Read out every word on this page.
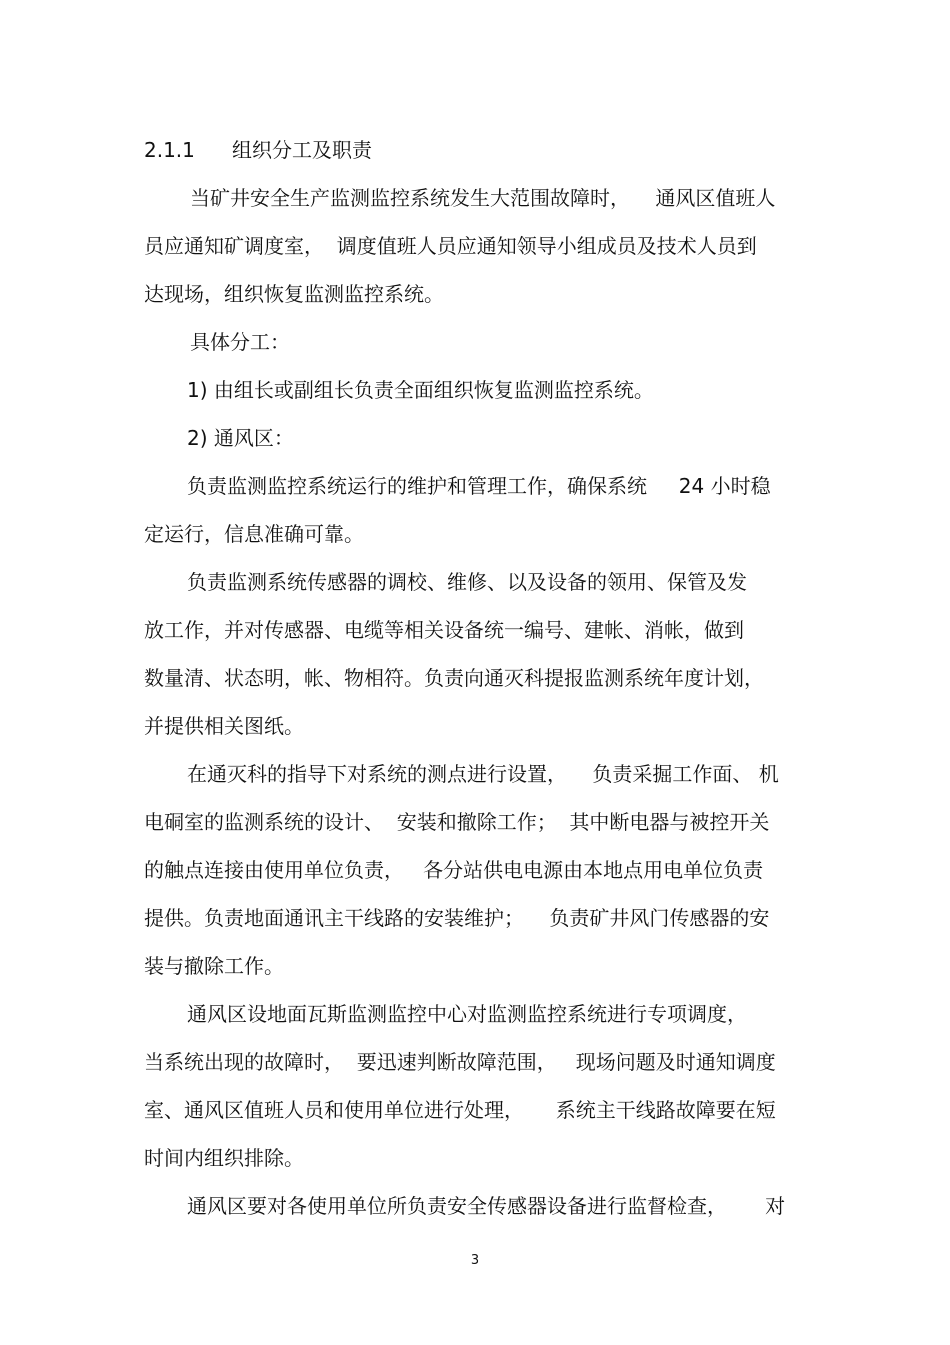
2.1.1 组织分工及职责

当矿井安全生产监测监控系统发生大范围故障时，    通风区值班人

员应通知矿调度室，  调度值班人员应通知领导小组成员及技术人员到

达现场，组织恢复监测监控系统。

具体分工：

1) 由组长或副组长负责全面组织恢复监测监控系统。

2) 通风区：

负责监测监控系统运行的维护和管理工作，确保系统     24 小时稳

定运行，信息准确可靠。

负责监测系统传感器的调校、维修、以及设备的领用、保管及发

放工作，并对传感器、电缆等相关设备统一编号、建帐、消帐，做到

数量清、状态明，帐、物相符。负责向通灭科提报监测系统年度计划，

并提供相关图纸。

在通灭科的指导下对系统的测点进行设置，    负责采掘工作面、 机

电硐室的监测系统的设计、  安装和撤除工作；  其中断电器与被控开关

的触点连接由使用单位负责，   各分站供电电源由本地点用电单位负责

提供。负责地面通讯主干线路的安装维护；    负责矿井风门传感器的安

装与撤除工作。

通风区设地面瓦斯监测监控中心对监测监控系统进行专项调度，

当系统出现的故障时，  要迅速判断故障范围，   现场问题及时通知调度

室、通风区值班人员和使用单位进行处理，     系统主干线路故障要在短

时间内组织排除。

通风区要对各使用单位所负责安全传感器设备进行监督检查，      对

3
